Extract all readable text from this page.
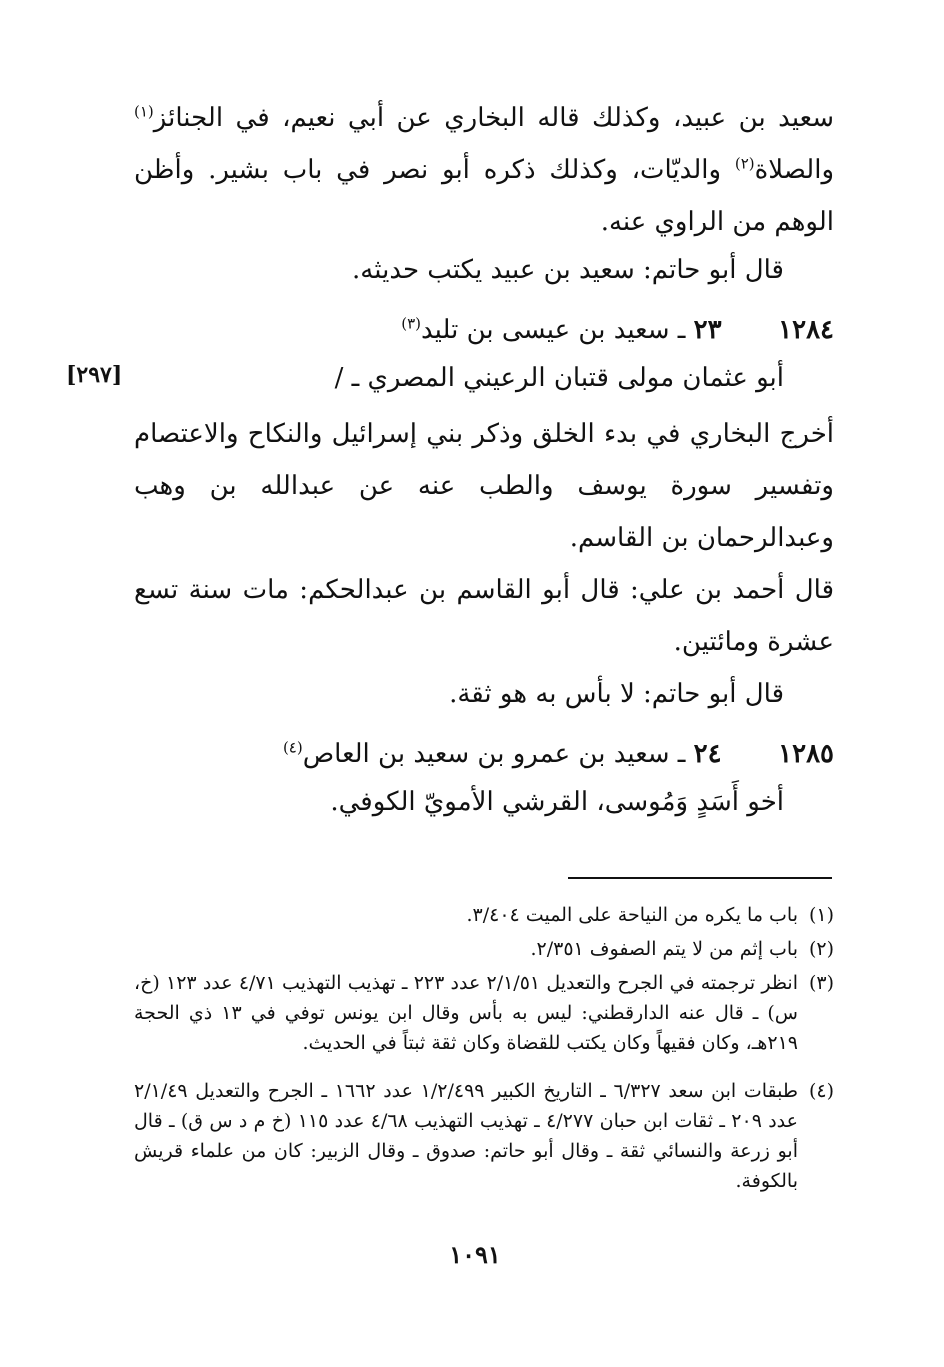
سعيد بن عبيد، وكذلك قاله البخاري عن أبي نعيم، في الجنائز$^{(١)}$ والصلاة$^{(٢)}$ والديّات، وكذلك ذكره أبو نصر في باب بشير. وأظن الوهم من الراوي عنه.
قال أبو حاتم: سعيد بن عبيد يكتب حديثه.
١٢٨٤  ٢٣ ـ سعيد بن عيسى بن تليد$^{(٣)}$
أبو عثمان مولى قتبان الرعيني المصري ـ /
[٢٩٧]
أخرج البخاري في بدء الخلق وذكر بني إسرائيل والنكاح والاعتصام وتفسير سورة يوسف والطب عنه عن عبدالله بن وهب وعبدالرحمان بن القاسم.
قال أحمد بن علي: قال أبو القاسم بن عبدالحكم: مات سنة تسع عشرة ومائتين.
قال أبو حاتم: لا بأس به هو ثقة.
١٢٨٥  ٢٤ ـ سعيد بن عمرو بن سعيد بن العاص$^{(٤)}$
أخو أَسَدٍ وَمُوسى، القرشي الأمويّ الكوفي.
(١)
باب ما يكره من النياحة على الميت ٣/٤٠٤.
(٢)
باب إثم من لا يتم الصفوف ٢/٣٥١.
(٣)
انظر ترجمته في الجرح والتعديل ٢/١/٥١ عدد ٢٢٣ ـ تهذيب التهذيب ٤/٧١ عدد ١٢٣ (خ، س) ـ قال عنه الدارقطني: ليس به بأس وقال ابن يونس توفي في ١٣ ذي الحجة ٢١٩هـ، وكان فقيهاً وكان يكتب للقضاة وكان ثقة ثبتاً في الحديث.
(٤)
طبقات ابن سعد ٦/٣٢٧ ـ التاريخ الكبير ١/٢/٤٩٩ عدد ١٦٦٢ ـ الجرح والتعديل ٢/١/٤٩ عدد ٢٠٩ ـ ثقات ابن حبان ٤/٢٧٧ ـ تهذيب التهذيب ٤/٦٨ عدد ١١٥ (خ م د س ق) ـ قال أبو زرعة والنسائي ثقة ـ وقال أبو حاتم: صدوق ـ وقال الزبير: كان من علماء قريش بالكوفة.
١٠٩١
